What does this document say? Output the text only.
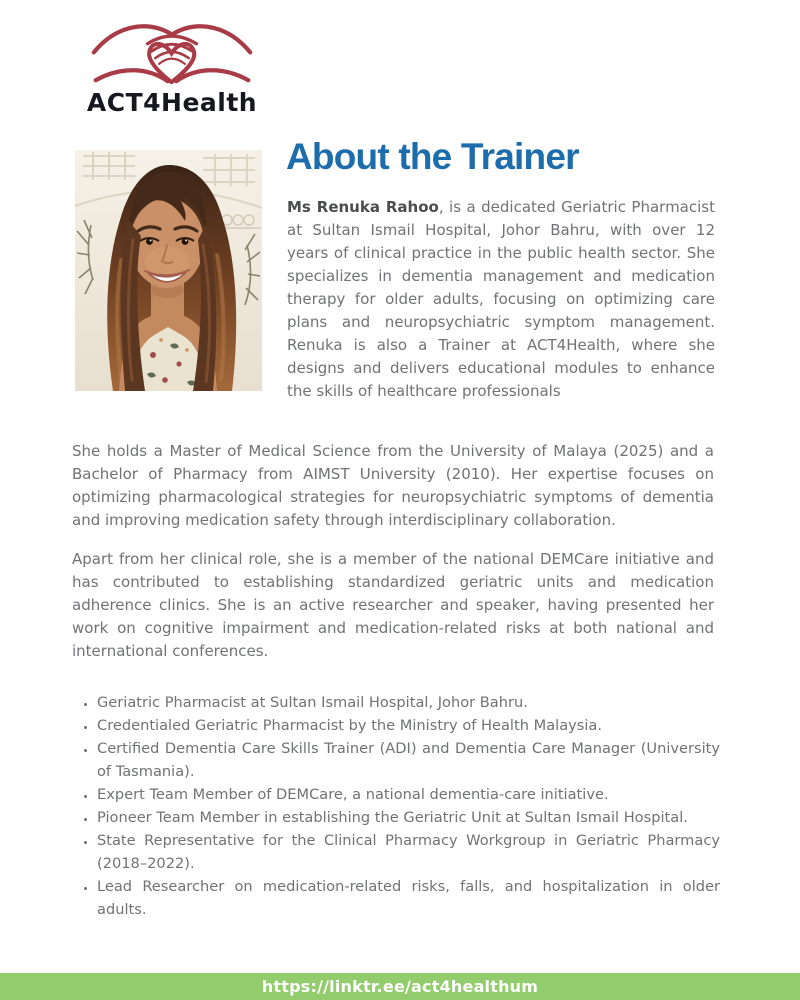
ACT4Health
About the Trainer

Ms Renuka Rahoo, is a dedicated Geriatric Pharmacist at Sultan Ismail Hospital, Johor Bahru, with over 12 years of clinical practice in the public health sector. She specializes in dementia management and medication therapy for older adults, focusing on optimizing care plans and neuropsychiatric symptom management. Renuka is also a Trainer at ACT4Health, where she designs and delivers educational modules to enhance the skills of healthcare professionals

She holds a Master of Medical Science from the University of Malaya (2025) and a Bachelor of Pharmacy from AIMST University (2010). Her expertise focuses on optimizing pharmacological strategies for neuropsychiatric symptoms of dementia and improving medication safety through interdisciplinary collaboration.

Apart from her clinical role, she is a member of the national DEMCare initiative and has contributed to establishing standardized geriatric units and medication adherence clinics. She is an active researcher and speaker, having presented her work on cognitive impairment and medication-related risks at both national and international conferences.

• Geriatric Pharmacist at Sultan Ismail Hospital, Johor Bahru.
• Credentialed Geriatric Pharmacist by the Ministry of Health Malaysia.
• Certified Dementia Care Skills Trainer (ADI) and Dementia Care Manager (University of Tasmania).
• Expert Team Member of DEMCare, a national dementia-care initiative.
• Pioneer Team Member in establishing the Geriatric Unit at Sultan Ismail Hospital.
• State Representative for the Clinical Pharmacy Workgroup in Geriatric Pharmacy (2018–2022).
• Lead Researcher on medication-related risks, falls, and hospitalization in older adults.
https://linktr.ee/act4healthum
